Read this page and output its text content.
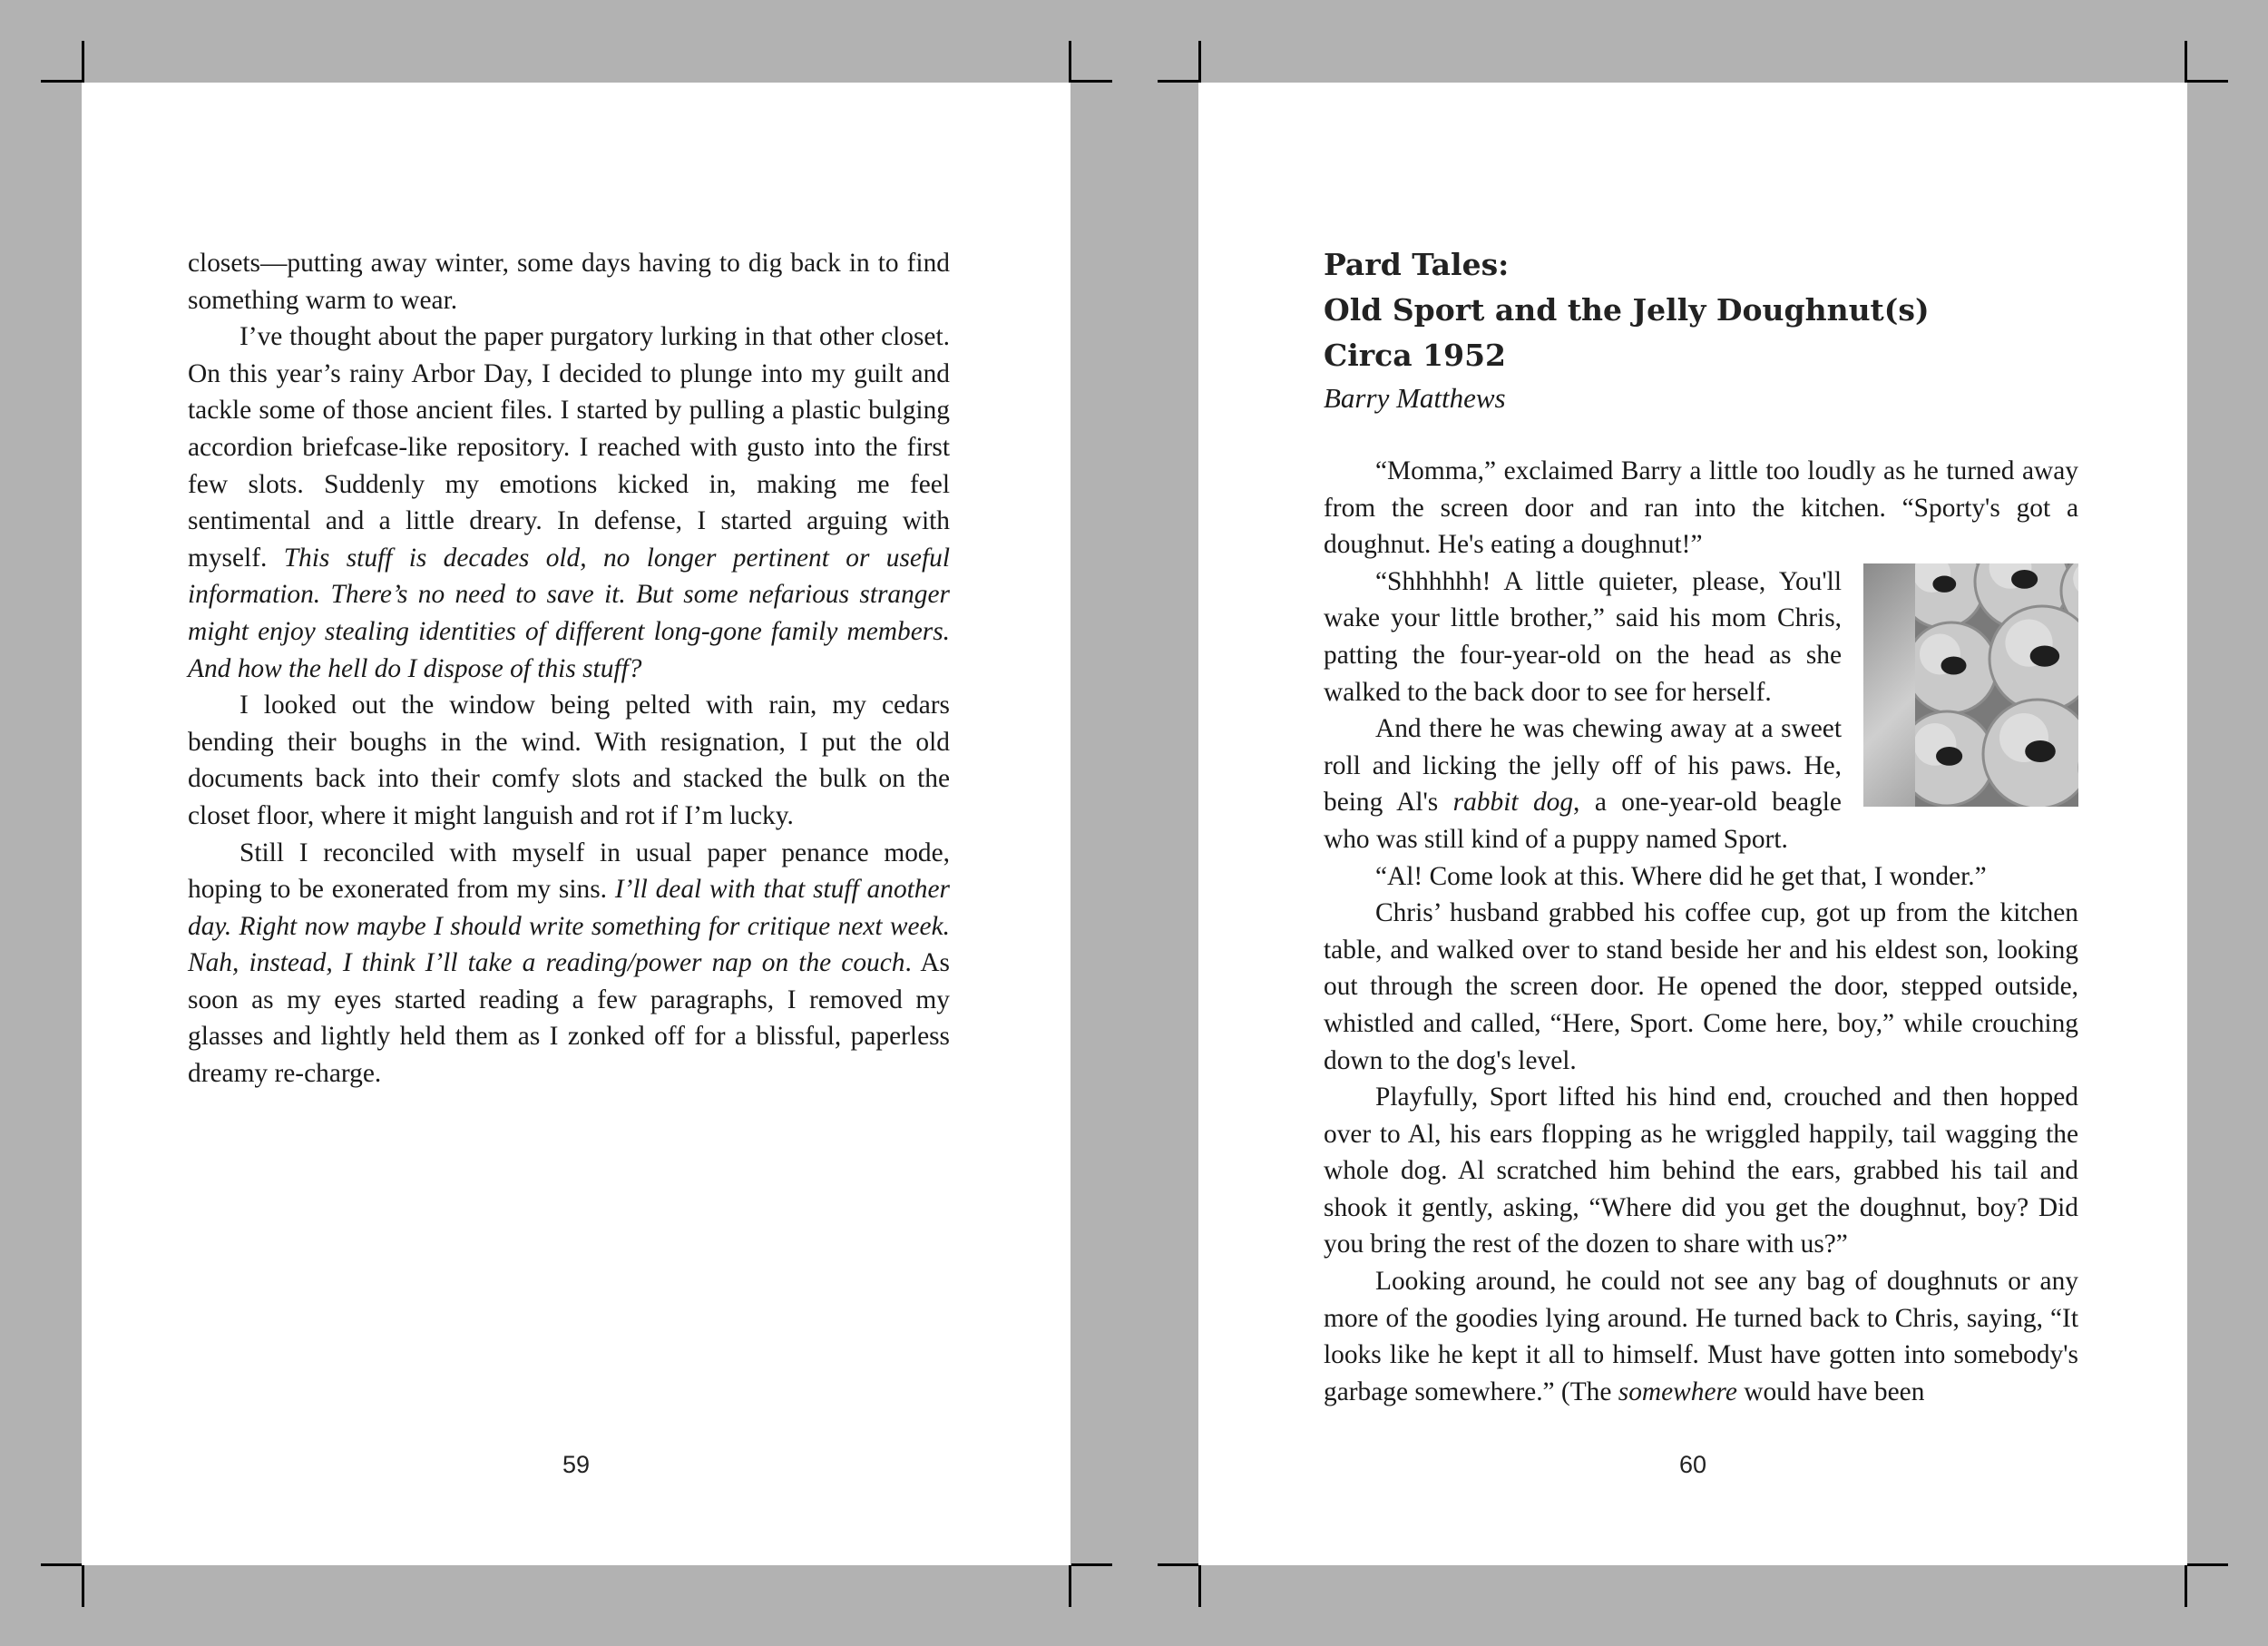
closets—putting away winter, some days having to dig back in to find something warm to wear.

I’ve thought about the paper purgatory lurking in that other closet. On this year’s rainy Arbor Day, I decided to plunge into my guilt and tackle some of those ancient files. I started by pulling a plastic bulging accordion briefcase-like repository. I reached with gusto into the first few slots. Suddenly my emotions kicked in, making me feel sentimental and a little dreary. In defense, I started arguing with myself. This stuff is decades old, no longer pertinent or useful information. There’s no need to save it. But some nefarious stranger might enjoy stealing identities of different long-gone family members. And how the hell do I dispose of this stuff?

I looked out the window being pelted with rain, my cedars bending their boughs in the wind. With resignation, I put the old documents back into their comfy slots and stacked the bulk on the closet floor, where it might languish and rot if I’m lucky.

Still I reconciled with myself in usual paper penance mode, hoping to be exonerated from my sins. I’ll deal with that stuff another day. Right now maybe I should write something for critique next week. Nah, instead, I think I’ll take a reading/power nap on the couch. As soon as my eyes started reading a few paragraphs, I removed my glasses and lightly held them as I zonked off for a blissful, paperless dreamy re-charge.

59
Pard Tales:
Old Sport and the Jelly Doughnut(s)
Circa 1952
Barry Matthews

“Momma,” exclaimed Barry a little too loudly as he turned away from the screen door and ran into the kitchen. “Sporty's got a doughnut. He's eating a doughnut!”

“Shhhhhh! A little quieter, please, You'll wake your little brother,” said his mom Chris, patting the four-year-old on the head as she walked to the back door to see for herself.

And there he was chewing away at a sweet roll and licking the jelly off of his paws. He, being Al's rabbit dog, a one-year-old beagle who was still kind of a puppy named Sport.

“Al! Come look at this. Where did he get that, I wonder.”

Chris’ husband grabbed his coffee cup, got up from the kitchen table, and walked over to stand beside her and his eldest son, looking out through the screen door. He opened the door, stepped outside, whistled and called, “Here, Sport. Come here, boy,” while crouching down to the dog's level.

Playfully, Sport lifted his hind end, crouched and then hopped over to Al, his ears flopping as he wriggled happily, tail wagging the whole dog. Al scratched him behind the ears, grabbed his tail and shook it gently, asking, “Where did you get the doughnut, boy? Did you bring the rest of the dozen to share with us?”

Looking around, he could not see any bag of doughnuts or any more of the goodies lying around. He turned back to Chris, saying, “It looks like he kept it all to himself. Must have gotten into somebody's garbage somewhere.” (The somewhere would have been

60
